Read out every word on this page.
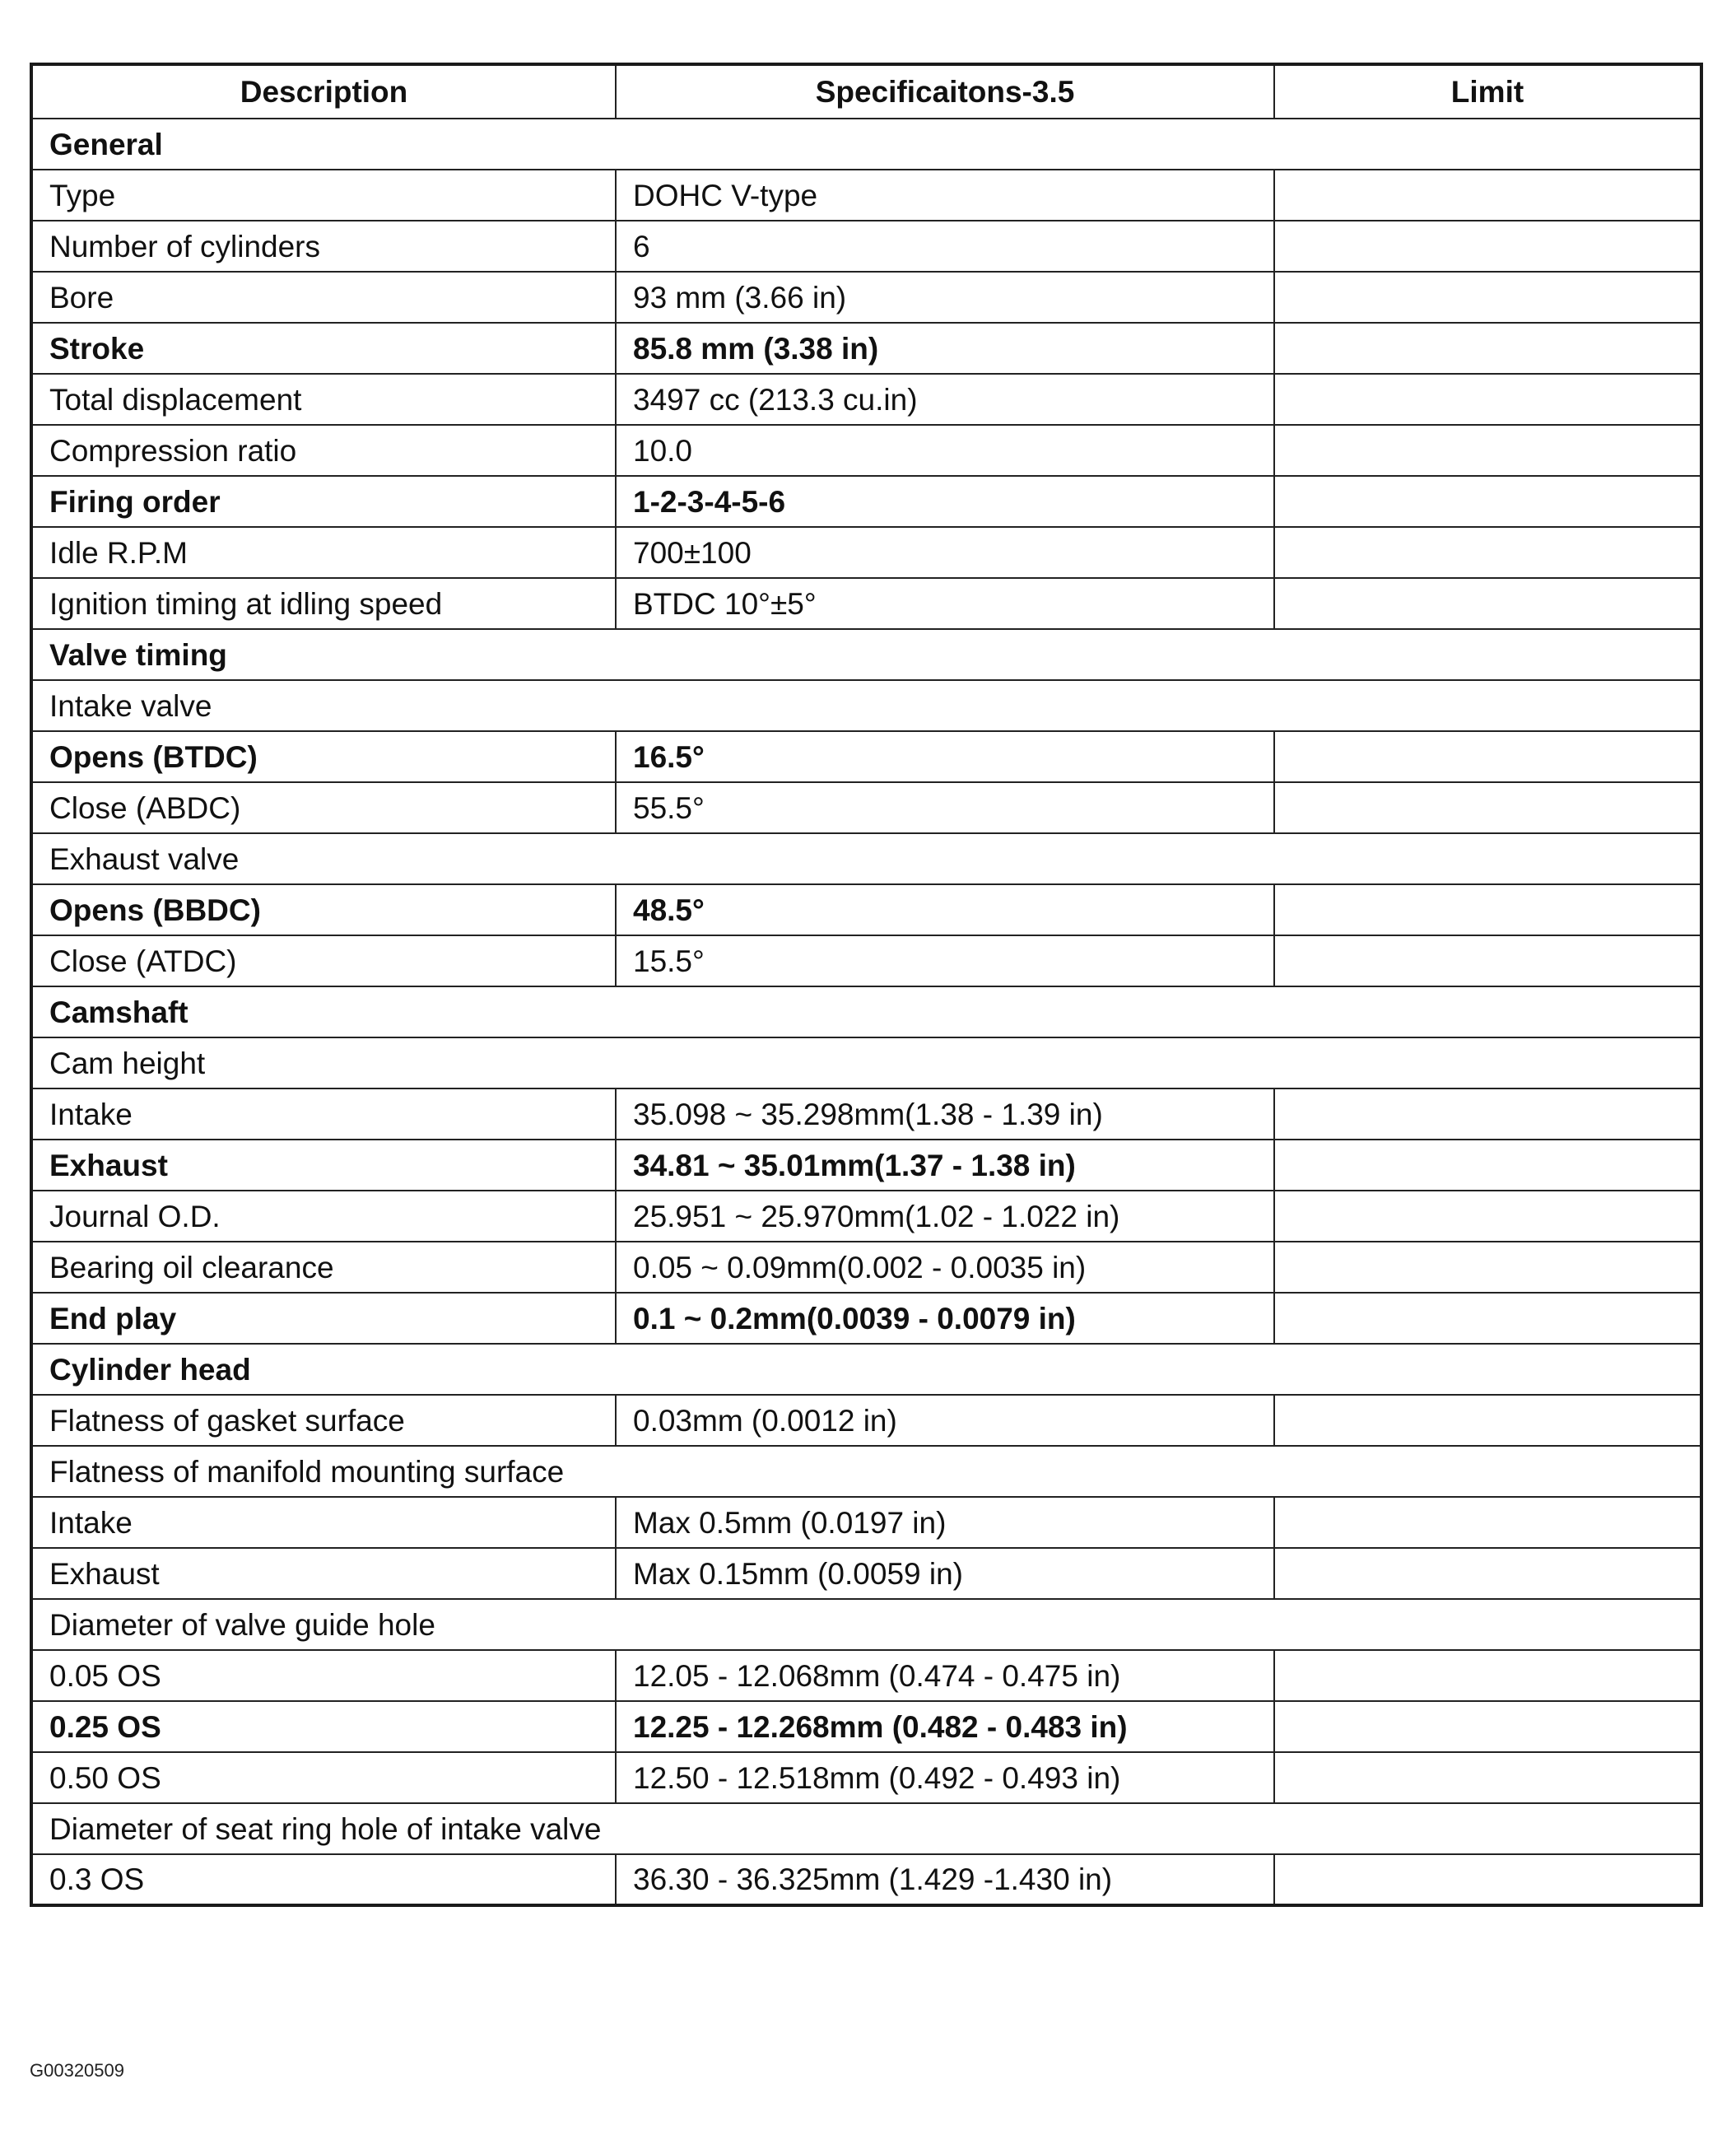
Description	Specificaitons-3.5	Limit
General		
Type	DOHC V-type	
Number of cylinders	6	
Bore	93 mm (3.66 in)	
Stroke	85.8 mm (3.38 in)	
Total displacement	3497 cc (213.3 cu.in)	
Compression ratio	10.0	
Firing order	1-2-3-4-5-6	
Idle R.P.M	700±100	
Ignition timing at idling speed	BTDC 10°±5°	
Valve timing		
Intake valve		
Opens (BTDC)	16.5°	
Close (ABDC)	55.5°	
Exhaust valve		
Opens (BBDC)	48.5°	
Close (ATDC)	15.5°	
Camshaft		
Cam height		
Intake	35.098 ~ 35.298mm(1.38 - 1.39 in)	
Exhaust	34.81 ~ 35.01mm(1.37 - 1.38 in)	
Journal O.D.	25.951 ~ 25.970mm(1.02 - 1.022 in)	
Bearing oil clearance	0.05 ~ 0.09mm(0.002 - 0.0035 in)	
End play	0.1 ~ 0.2mm(0.0039 - 0.0079 in)	
Cylinder head		
Flatness of gasket surface	0.03mm (0.0012 in)	
Flatness of manifold mounting surface		
Intake	Max 0.5mm (0.0197 in)	
Exhaust	Max 0.15mm (0.0059 in)	
Diameter of valve guide hole		
0.05 OS	12.05 - 12.068mm (0.474 - 0.475 in)	
0.25 OS	12.25 - 12.268mm (0.482 - 0.483 in)	
0.50 OS	12.50 - 12.518mm (0.492 - 0.493 in)	
Diameter of seat ring hole of intake valve		
0.3 OS	36.30 - 36.325mm (1.429 -1.430 in)	
G00320509
